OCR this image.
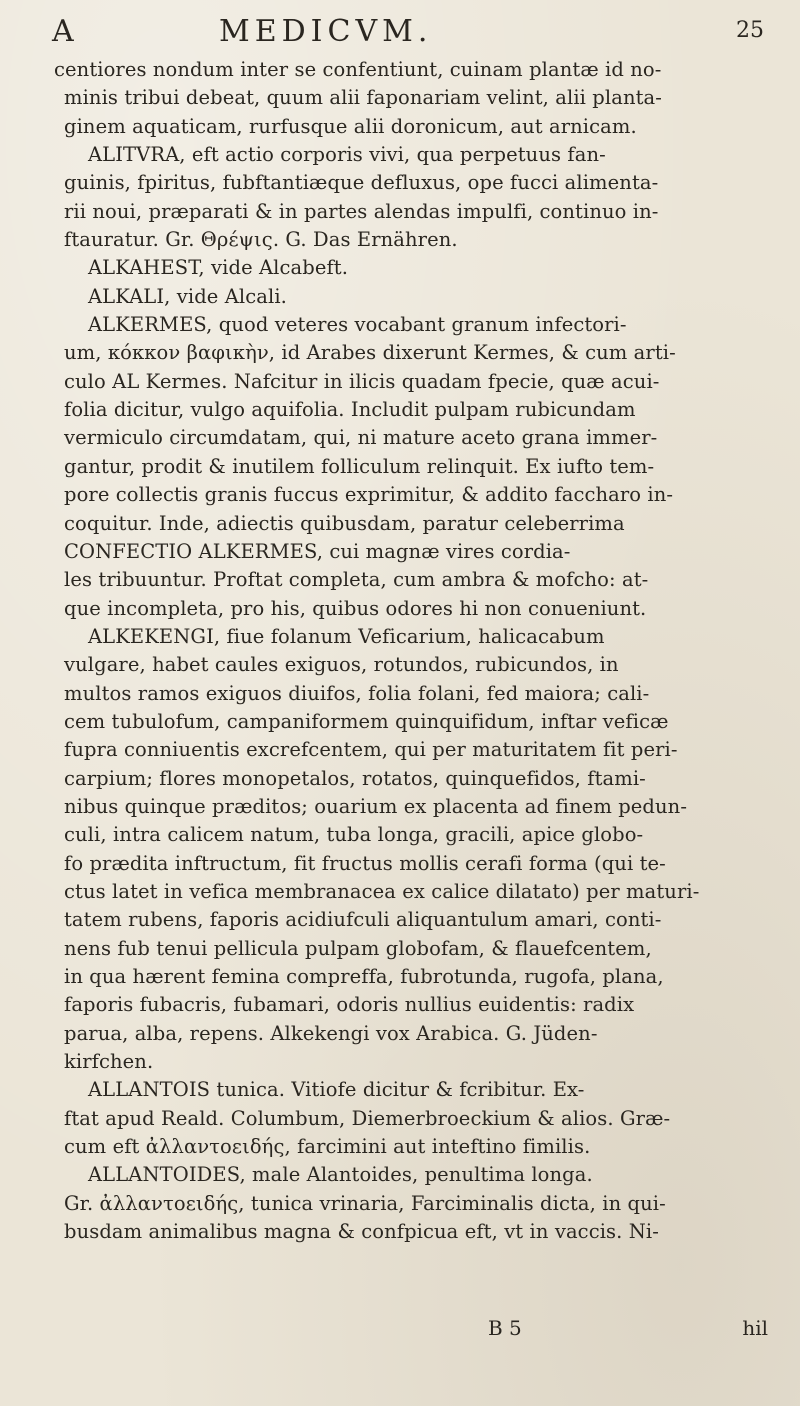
A	MEDICVM.	25
centiores nondum inter se confentiunt, cuinam plantæ id no-
minis tribui debeat, quum alii faponariam velint, alii planta-
ginem aquaticam, rurfusque alii doronicum, aut arnicam.
ALITVRA, eft actio corporis vivi, qua perpetuus fan-
guinis, fpiritus, fubftantiæque defluxus, ope fucci alimenta-
rii noui, præparati & in partes alendas impulfi, continuo in-
ftauratur. Gr. Θρέψις. G. Das Ernähren.
ALKAHEST, vide Alcabeft.
ALKALI, vide Alcali.
ALKERMES, quod veteres vocabant granum infectori-
um, κόκκον βαφικὴν, id Arabes dixerunt Kermes, & cum arti-
culo AL Kermes. Nafcitur in ilicis quadam fpecie, quæ acui-
folia dicitur, vulgo aquifolia. Includit pulpam rubicundam
vermiculo circumdatam, qui, ni mature aceto grana immer-
gantur, prodit & inutilem folliculum relinquit. Ex iufto tem-
pore collectis granis fuccus exprimitur, & addito faccharo in-
coquitur. Inde, adiectis quibusdam, paratur celeberrima
CONFECTIO ALKERMES, cui magnæ vires cordia-
les tribuuntur. Proftat completa, cum ambra & mofcho: at-
que incompleta, pro his, quibus odores hi non conueniunt.
ALKEKENGI, fiue folanum Veficarium, halicacabum
vulgare, habet caules exiguos, rotundos, rubicundos, in
multos ramos exiguos diuifos, folia folani, fed maiora; cali-
cem tubulofum, campaniformem quinquifidum, inftar veficæ
fupra conniuentis excrefcentem, qui per maturitatem fit peri-
carpium; flores monopetalos, rotatos, quinquefidos, ftami-
nibus quinque præditos; ouarium ex placenta ad finem pedun-
culi, intra calicem natum, tuba longa, gracili, apice globo-
fo prædita inftructum, fit fructus mollis cerafi forma (qui te-
ctus latet in vefica membranacea ex calice dilatato) per maturi-
tatem rubens, faporis acidiufculi aliquantulum amari, conti-
nens fub tenui pellicula pulpam globofam, & flauefcentem,
in qua hærent femina compreffa, fubrotunda, rugofa, plana,
faporis fubacris, fubamari, odoris nullius euidentis: radix
parua, alba, repens. Alkekengi vox Arabica. G. Jüden-
kirfchen.
ALLANTOIS tunica. Vitiofe dicitur & fcribitur. Ex-
ftat apud Reald. Columbum, Diemerbroeckium & alios. Græ-
cum eft ἀλλαντοειδής, farcimini aut inteftino fimilis.
ALLANTOIDES, male Alantoides, penultima longa.
Gr. ἀλλαντοειδής, tunica vrinaria, Farciminalis dicta, in qui-
busdam animalibus magna & confpicua eft, vt in vaccis. Ni-
B 5	hil
